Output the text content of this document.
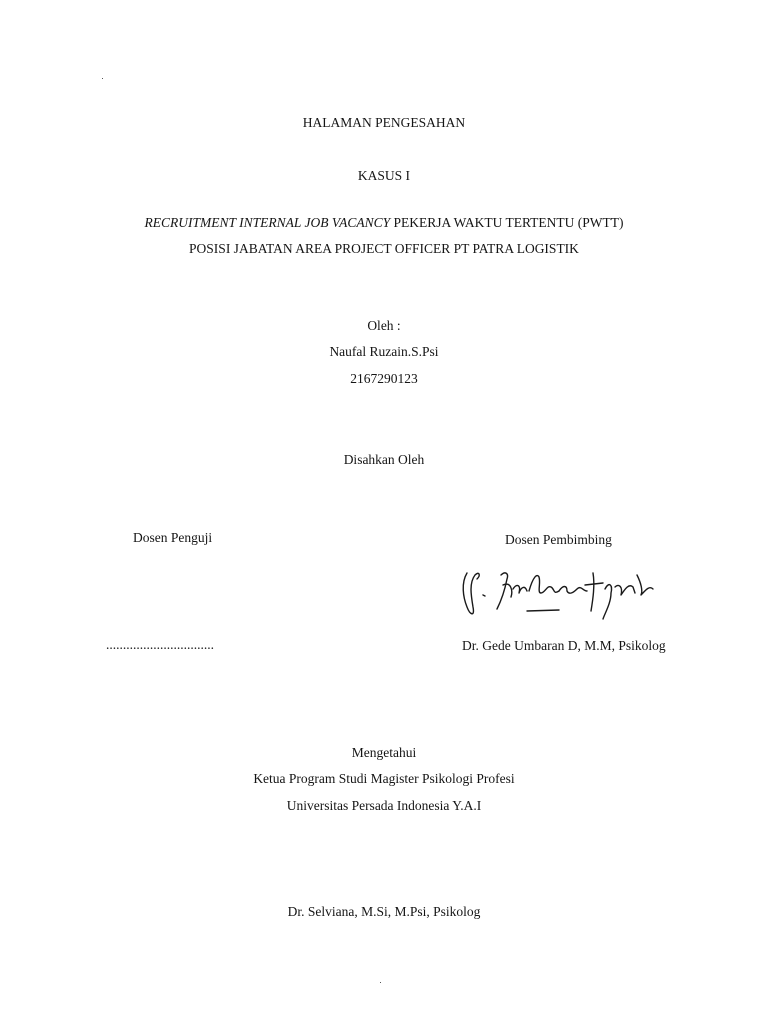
HALAMAN PENGESAHAN
KASUS I
RECRUITMENT INTERNAL JOB VACANCY PEKERJA WAKTU TERTENTU (PWTT)
POSISI JABATAN AREA PROJECT OFFICER PT PATRA LOGISTIK
Oleh :
Naufal Ruzain.S.Psi
2167290123
Disahkan Oleh
Dosen Penguji	Dosen Pembimbing
................................	Dr. Gede Umbaran D, M.M, Psikolog
Mengetahui
Ketua Program Studi Magister Psikologi Profesi
Universitas Persada Indonesia Y.A.I
Dr. Selviana, M.Si, M.Psi, Psikolog
